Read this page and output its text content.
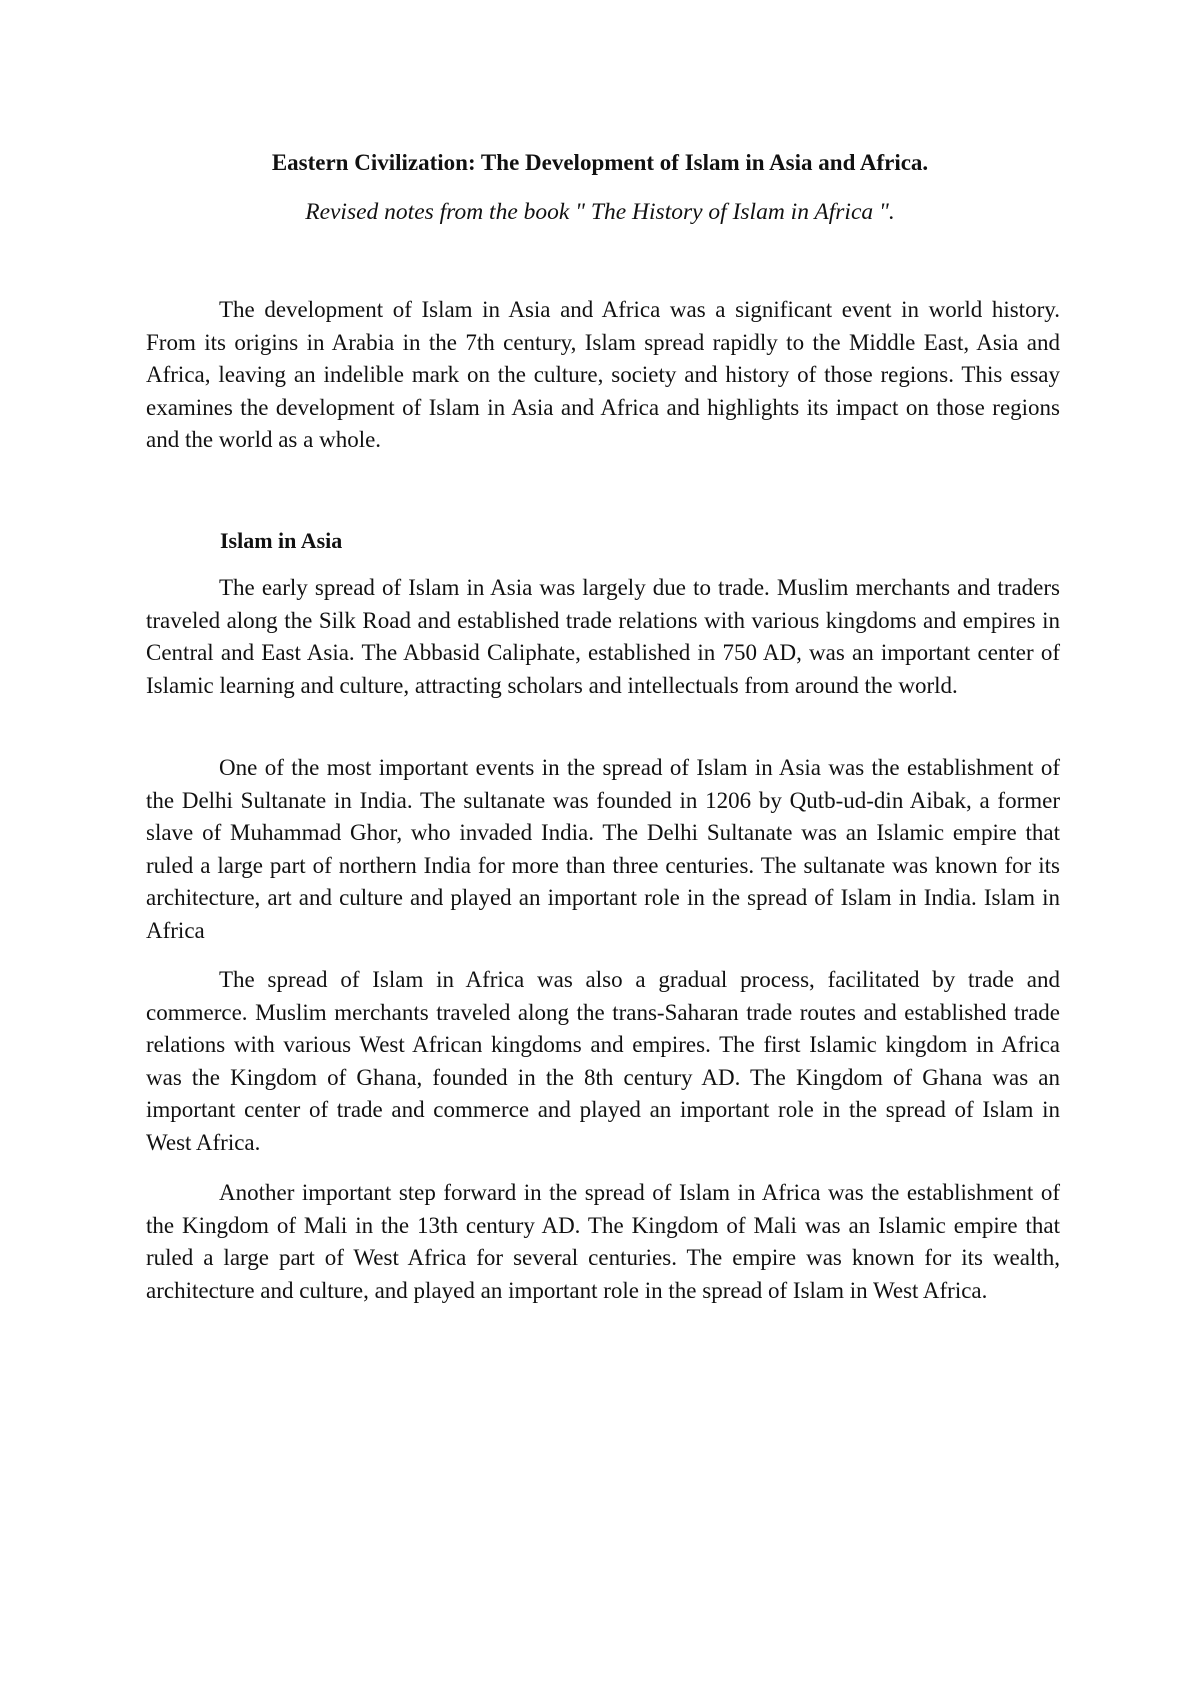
Eastern Civilization: The Development of Islam in Asia and Africa.

Revised notes from the book " The History of Islam in Africa ".

The development of Islam in Asia and Africa was a significant event in world history. From its origins in Arabia in the 7th century, Islam spread rapidly to the Middle East, Asia and Africa, leaving an indelible mark on the culture, society and history of those regions. This essay examines the development of Islam in Asia and Africa and highlights its impact on those regions and the world as a whole.

Islam in Asia

The early spread of Islam in Asia was largely due to trade. Muslim merchants and traders traveled along the Silk Road and established trade relations with various kingdoms and empires in Central and East Asia. The Abbasid Caliphate, established in 750 AD, was an important center of Islamic learning and culture, attracting scholars and intellectuals from around the world.

One of the most important events in the spread of Islam in Asia was the establishment of the Delhi Sultanate in India. The sultanate was founded in 1206 by Qutb-ud-din Aibak, a former slave of Muhammad Ghor, who invaded India. The Delhi Sultanate was an Islamic empire that ruled a large part of northern India for more than three centuries. The sultanate was known for its architecture, art and culture and played an important role in the spread of Islam in India. Islam in Africa

The spread of Islam in Africa was also a gradual process, facilitated by trade and commerce. Muslim merchants traveled along the trans-Saharan trade routes and established trade relations with various West African kingdoms and empires. The first Islamic kingdom in Africa was the Kingdom of Ghana, founded in the 8th century AD. The Kingdom of Ghana was an important center of trade and commerce and played an important role in the spread of Islam in West Africa.

Another important step forward in the spread of Islam in Africa was the establishment of the Kingdom of Mali in the 13th century AD. The Kingdom of Mali was an Islamic empire that ruled a large part of West Africa for several centuries. The empire was known for its wealth, architecture and culture, and played an important role in the spread of Islam in West Africa.
